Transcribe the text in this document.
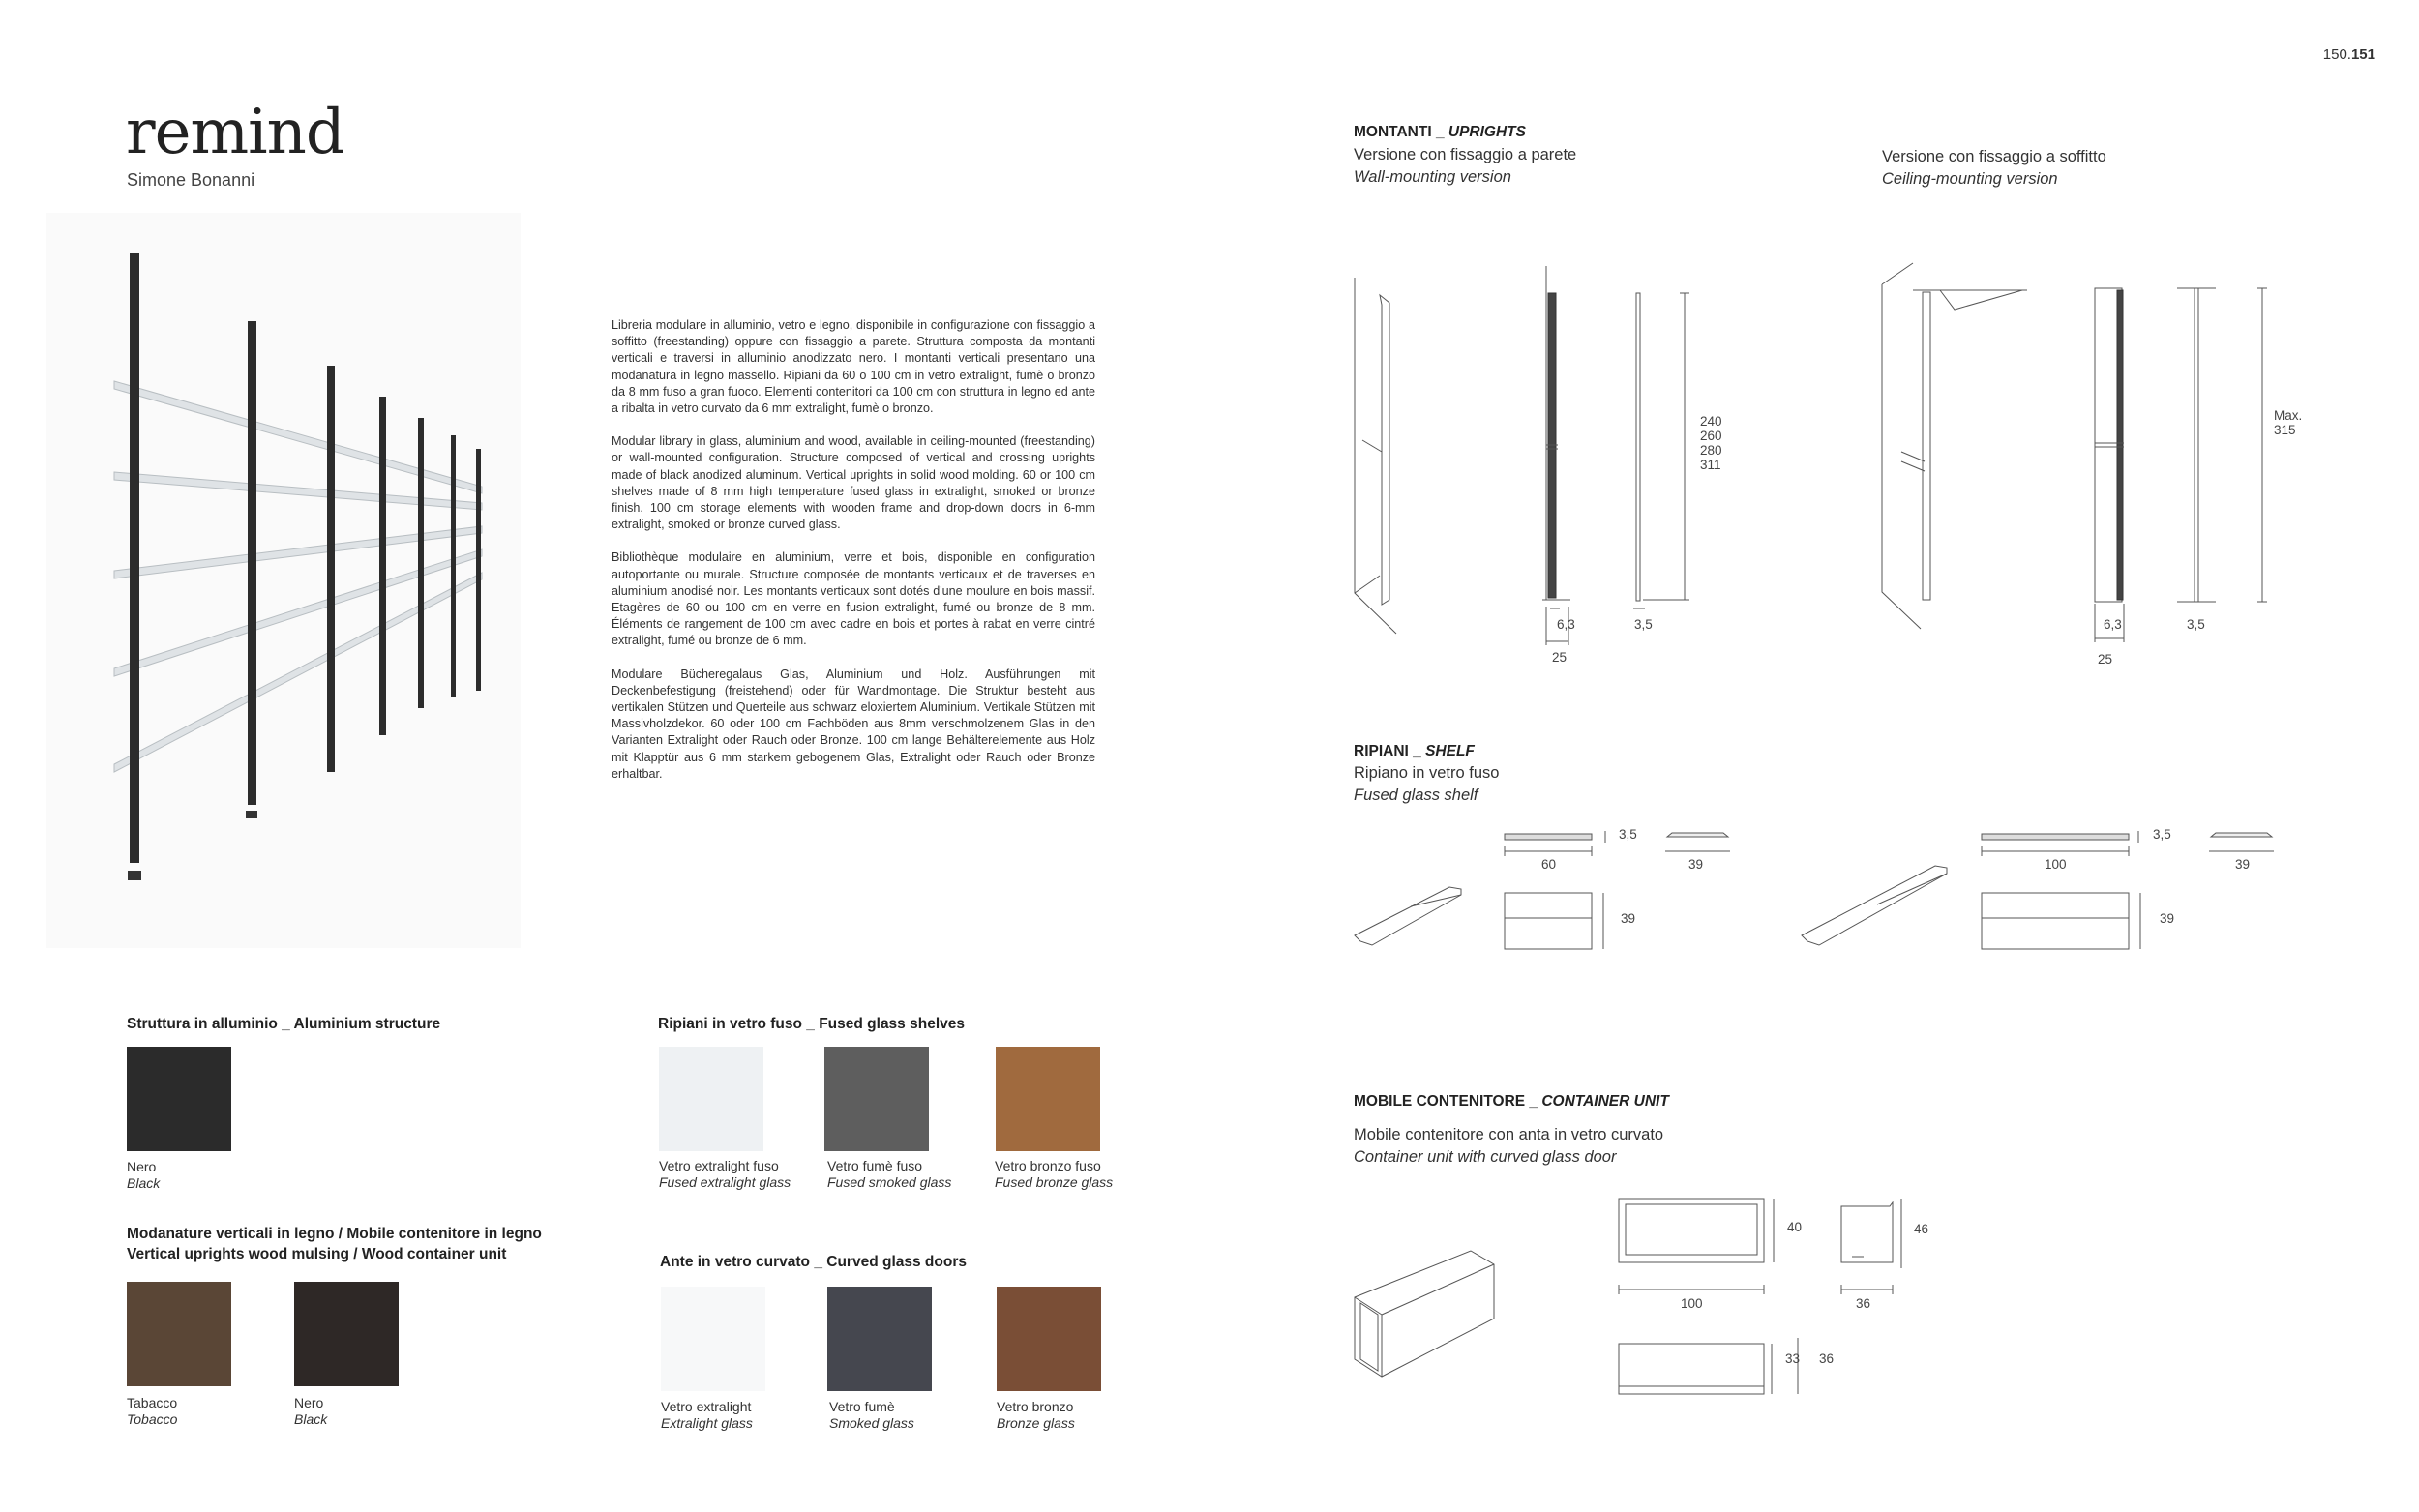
150.151
remind
Simone Bonanni

Libreria modulare in alluminio, vetro e legno, disponibile in configurazione con fissaggio a soffitto (freestanding) oppure con fissaggio a parete. Struttura composta da montanti verticali e traversi in alluminio anodizzato nero. I montanti verticali presentano una modanatura in legno massello. Ripiani da 60 o 100 cm in vetro extralight, fumè o bronzo da 8 mm fuso a gran fuoco. Elementi contenitori da 100 cm con struttura in legno ed ante a ribalta in vetro curvato da 6 mm extralight, fumè o bronzo.

Modular library in glass, aluminium and wood, available in ceiling-mounted (freestanding) or wall-mounted configuration. Structure composed of vertical and crossing uprights made of black anodized aluminum. Vertical uprights in solid wood molding. 60 or 100 cm shelves made of 8 mm high temperature fused glass in extralight, smoked or bronze finish. 100 cm storage elements with wooden frame and drop-down doors in 6-mm extralight, smoked or bronze curved glass.

Bibliothèque modulaire en aluminium, verre et bois, disponible en configuration autoportante ou murale. Structure composée de montants verticaux et de traverses en aluminium anodisé noir. Les montants verticaux sont dotés d'une moulure en bois massif. Etagères de 60 ou 100 cm en verre en fusion extralight, fumé ou bronze de 8 mm. Éléments de rangement de 100 cm avec cadre en bois et portes à rabat en verre cintré extralight, fumé ou bronze de 6 mm.

Modulare Bücheregalaus Glas, Aluminium und Holz. Ausführungen mit Deckenbefestigung (freistehend) oder für Wandmontage. Die Struktur besteht aus vertikalen Stützen und Querteile aus schwarz eloxiertem Aluminium. Vertikale Stützen mit Massivholzdekor. 60 oder 100 cm Fachböden aus 8mm verschmolzenem Glas in den Varianten Extralight oder Rauch oder Bronze. 100 cm lange Behälterelemente aus Holz mit Klapptür aus 6 mm starkem gebogenem Glas, Extralight oder Rauch oder Bronze erhaltbar.

Struttura in alluminio _ Aluminium structure
Nero
Black
Modanature verticali in legno / Mobile contenitore in legno
Vertical uprights wood mulsing / Wood container unit
Tabacco
Tobacco
Nero
Black
Ripiani in vetro fuso _ Fused glass shelves
Vetro extralight fuso
Fused extralight glass
Vetro fumè fuso
Fused smoked glass
Vetro bronzo fuso
Fused bronze glass
Ante in vetro curvato _ Curved glass doors
Vetro extralight
Extralight glass
Vetro fumè
Smoked glass
Vetro bronzo
Bronze glass
MONTANTI _ UPRIGHTS
Versione con fissaggio a parete
Wall-mounting version
Versione con fissaggio a soffitto
Ceiling-mounting version
6,3	3,5
25
240
260
280
311
6,3	3,5
25
Max.
315
RIPIANI _ SHELF
Ripiano in vetro fuso
Fused glass shelf
3,5
60	39
39
3,5
100	39
39
MOBILE CONTENITORE _ CONTAINER UNIT
Mobile contenitore con anta in vetro curvato
Container unit with curved glass door
40	46
100	36
33 36
